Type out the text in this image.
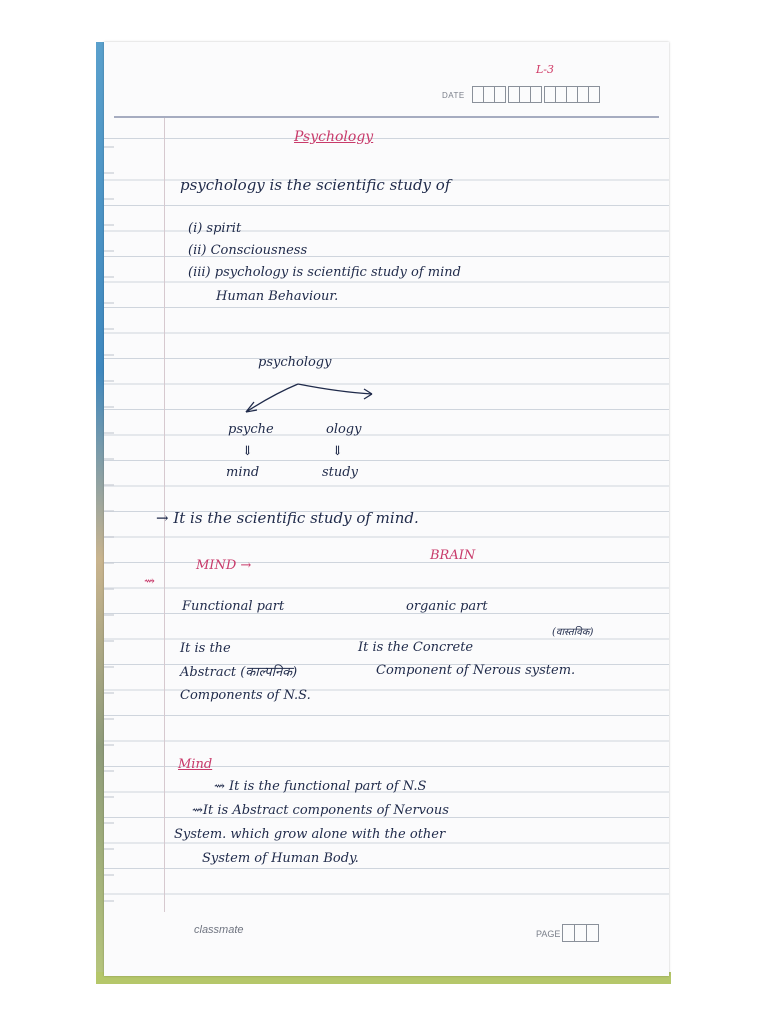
L-3
DATE
Psychology
psychology is the scientific study of
(i) spirit
(ii) Consciousness
(iii) psychology is scientific study of mind
Human Behaviour.
psychology
psyche	ology
⇓	⇓
mind	study
→ It is the scientific study of mind.
MIND →
BRAIN
⇝
Functional part	organic part
It is the	It is the Concrete
(वास्तविक)
Abstract (काल्पनिक)	Component of Nerous system.
Components of N.S.
Mind
⇝ It is the functional part of N.S
⇝It is Abstract components of Nervous
System. which grow alone with the other
System of Human Body.
classmate	PAGE
